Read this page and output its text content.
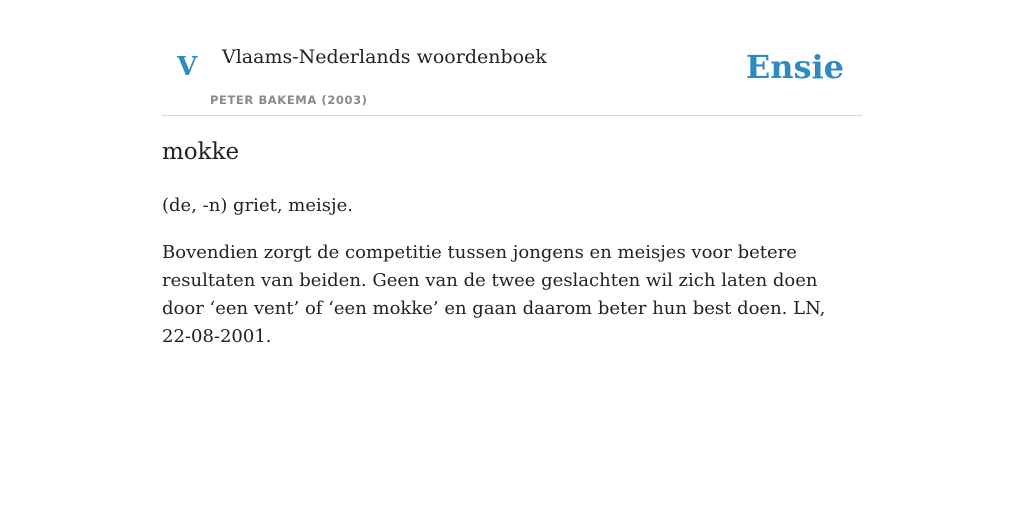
V Vlaams-Nederlands woordenboek
PETER BAKEMA (2003)
Ensie
mokke

(de, -n) griet, meisje.

Bovendien zorgt de competitie tussen jongens en meisjes voor betere resultaten van beiden. Geen van de twee geslachten wil zich laten doen door ‘een vent’ of ‘een mokke’ en gaan daarom beter hun best doen. LN, 22-08-2001.
